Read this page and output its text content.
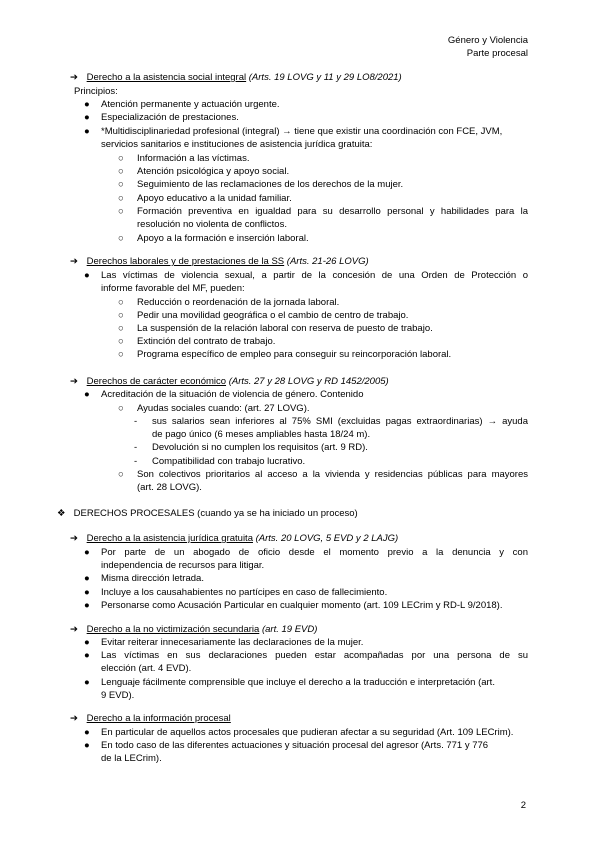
Género y Violencia
Parte procesal
➔ Derecho a la asistencia social integral (Arts. 19 LOVG y 11 y 29 LO8/2021)
Principios:
●	Atención permanente y actuación urgente.
●	Especialización de prestaciones.
●	*Multidisciplinariedad profesional (integral) → tiene que existir una coordinación con FCE, JVM,
servicios sanitarios e instituciones de asistencia jurídica gratuita:
○ Información a las víctimas.
○ Atención psicológica y apoyo social.
○ Seguimiento de las reclamaciones de los derechos de la mujer.
○ Apoyo educativo a la unidad familiar.
○ Formación preventiva en igualdad para su desarrollo personal y habilidades para la
resolución no violenta de conflictos.
○ Apoyo a la formación e inserción laboral.
➔ Derechos laborales y de prestaciones de la SS (Arts. 21-26 LOVG)
● Las víctimas de violencia sexual, a partir de la concesión de una Orden de Protección o
informe favorable del MF, pueden:
○ Reducción o reordenación de la jornada laboral.
○ Pedir una movilidad geográfica o el cambio de centro de trabajo.
○ La suspensión de la relación laboral con reserva de puesto de trabajo.
○ Extinción del contrato de trabajo.
○ Programa específico de empleo para conseguir su reincorporación laboral.
➔ Derechos de carácter económico (Arts. 27 y 28 LOVG y RD 1452/2005)
● Acreditación de la situación de violencia de género. Contenido
○ Ayudas sociales cuando: (art. 27 LOVG).
- sus salarios sean inferiores al 75% SMI (excluidas pagas extraordinarias) → ayuda
de pago único (6 meses ampliables hasta 18/24 m).
- Devolución si no cumplen los requisitos (art. 9 RD).
- Compatibilidad con trabajo lucrativo.
○ Son colectivos prioritarios al acceso a la vivienda y residencias públicas para mayores
(art. 28 LOVG).
❖ DERECHOS PROCESALES (cuando ya se ha iniciado un proceso)
➔ Derecho a la asistencia jurídica gratuita (Arts. 20 LOVG, 5 EVD y 2 LAJG)
● Por parte de un abogado de oficio desde el momento previo a la denuncia y con
independencia de recursos para litigar.
● Misma dirección letrada.
● Incluye a los causahabientes no partícipes en caso de fallecimiento.
● Personarse como Acusación Particular en cualquier momento (art. 109 LECrim y RD-L 9/2018).
➔ Derecho a la no victimización secundaria (art. 19 EVD)
● Evitar reiterar innecesariamente las declaraciones de la mujer.
● Las víctimas en sus declaraciones pueden estar acompañadas por una persona de su
elección (art. 4 EVD).
● Lenguaje fácilmente comprensible que incluye el derecho a la traducción e interpretación (art.
9 EVD).
➔ Derecho a la información procesal
● En particular de aquellos actos procesales que pudieran afectar a su seguridad (Art. 109 LECrim).
● En todo caso de las diferentes actuaciones y situación procesal del agresor (Arts. 771 y 776
de la LECrim).
2
